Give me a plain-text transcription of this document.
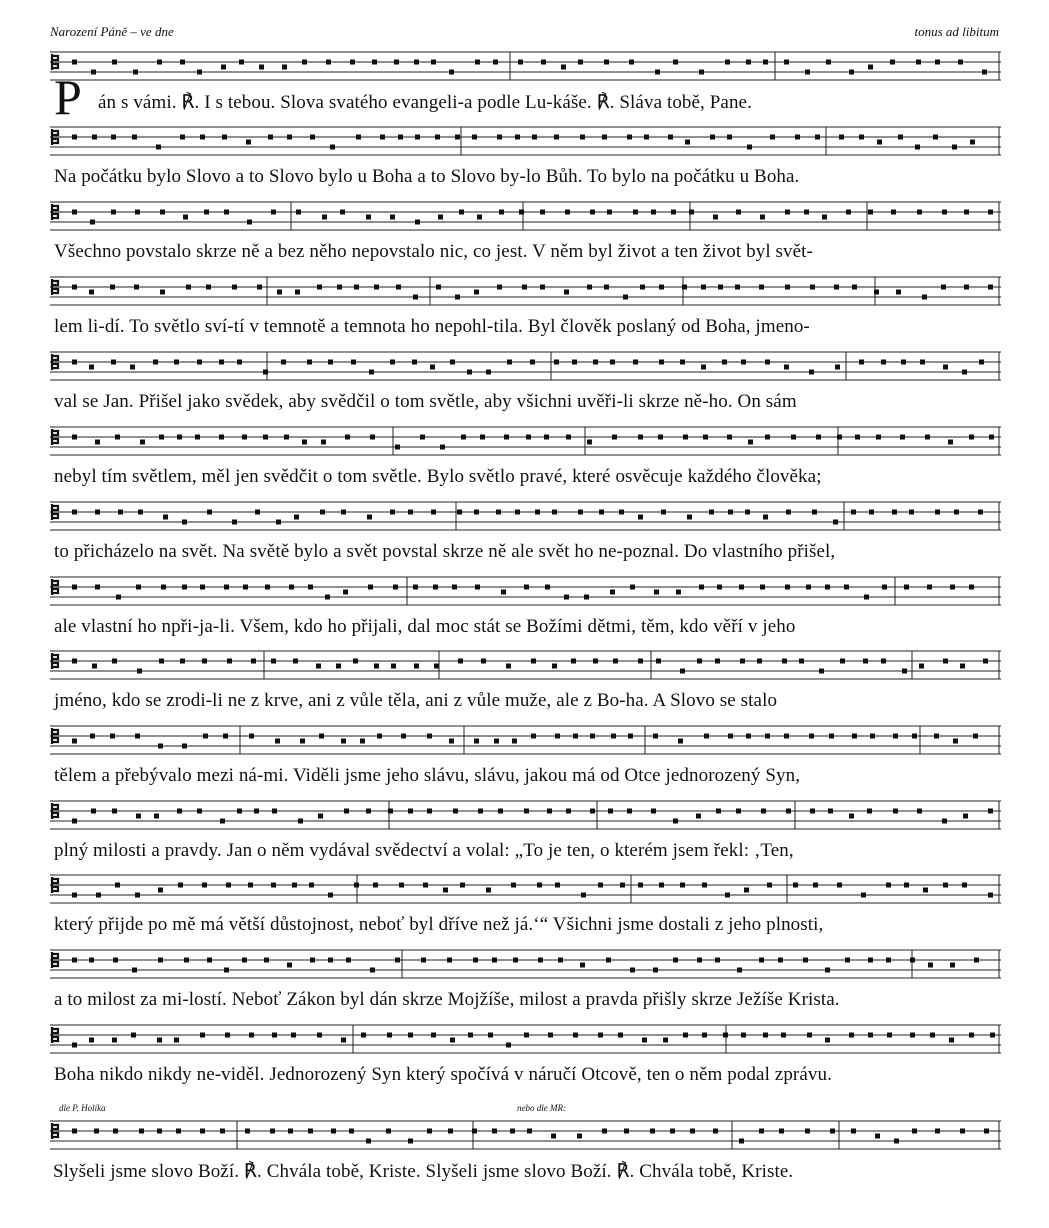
Narození Páně – ve dne	tonus ad libitum
P án s vámi. ℟. I s tebou. Slova svatého evangeli-a podle Lu-káše. ℟. Sláva tobě, Pane.
Na počátku bylo Slovo a to Slovo bylo u Boha a to Slovo by-lo Bůh. To bylo na počátku u Boha.
Všechno povstalo skrze ně a bez něho nepovstalo nic, co jest. V něm byl život a ten život byl svět-
lem li-dí. To světlo sví-tí v temnotě a temnota ho nepohl-tila. Byl člověk poslaný od Boha, jmeno-
val se Jan. Přišel jako svědek, aby svědčil o tom světle, aby všichni uvěři-li skrze ně-ho. On sám
nebyl tím světlem, měl jen svědčit o tom světle. Bylo světlo pravé, které osvěcuje každého člověka;
to přicházelo na svět. Na světě bylo a svět povstal skrze ně ale svět ho ne-poznal. Do vlastního přišel,
ale vlastní ho npři-ja-li. Všem, kdo ho přijali, dal moc stát se Božími dětmi, těm, kdo věří v jeho
jméno, kdo se zrodi-li ne z krve, ani z vůle těla, ani z vůle muže, ale z Bo-ha. A Slovo se stalo
tělem a přebývalo mezi ná-mi. Viděli jsme jeho slávu, slávu, jakou má od Otce jednorozený Syn,
plný milosti a pravdy. Jan o něm vydával svědectví a volal: „To je ten, o kterém jsem řekl: ‚Ten,
který přijde po mě má větší důstojnost, neboť byl dříve než já.‘“ Všichni jsme dostali z jeho plnosti,
a to milost za mi-lostí. Neboť Zákon byl dán skrze Mojžíše, milost a pravda přišly skrze Ježíše Krista.
Boha nikdo nikdy ne-viděl. Jednorozený Syn který spočívá v náručí Otcově, ten o něm podal zprávu.
dle P. Holíka	nebo dle MR:
Slyšeli jsme slovo Boží. ℟. Chvála tobě, Kriste. Slyšeli jsme slovo Boží. ℟. Chvála tobě, Kriste.
